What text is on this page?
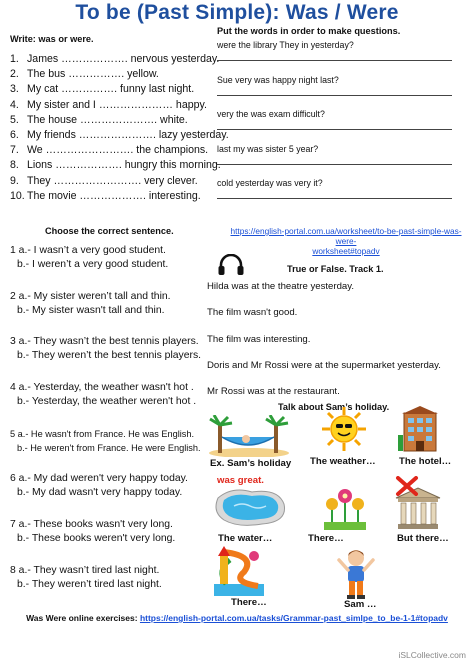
To be (Past Simple): Was / Were
Write: was or were.
1. James ………………. nervous yesterday.
2. The bus ……………. yellow.
3. My cat ……………. funny last night.
4. My sister and I ………………… happy.
5. The house …………………. white.
6. My friends …………………. lazy yesterday.
7. We ……………………. the champions.
8. Lions ………………. hungry this morning.
9. They ……………………. very clever.
10. The movie ………………. interesting.
Put the words in order to make questions.
were the library They in yesterday?
Sue very was happy night last?
very the was exam difficult?
last my was sister 5 year?
cold yesterday was very it?
Choose the correct sentence.
1 a.- I wasn’t a very good student.
b.- I weren’t a very good student.
2 a.- My sister weren’t tall and thin.
b.- My sister wasn't tall and thin.
3 a.- They wasn’t the best tennis players.
b.- They weren’t the best tennis players.
4 a.- Yesterday, the weather wasn't hot .
b.- Yesterday, the weather weren't hot .
5 a.- He wasn't from France. He was English.
b.- He weren't from France. He were English.
6 a.- My dad weren't very happy today.
b.- My dad wasn't very happy today.
7 a.- These books wasn't very long.
b.- These books weren't very long.
8 a.- They wasn’t tired last night.
b.- They weren’t tired last night.
https://english-portal.com.ua/worksheet/to-be-past-simple-was-were-
worksheet#topadv
True or False. Track 1.
Hilda was at the theatre yesterday.
The film wasn't good.
The film was interesting.
Doris and Mr Rossi were at the supermarket yesterday.
Mr Rossi was at the restaurant.
Talk about Sam’s holiday.
Ex. Sam’s holiday
was great.
The weather… The hotel…
The water…	There…	But there…
There…	Sam …
Was Were online exercises: https://english-portal.com.ua/tasks/Grammar-past_simlpe_to_be-1-1#topadv
iSLCollective.com
